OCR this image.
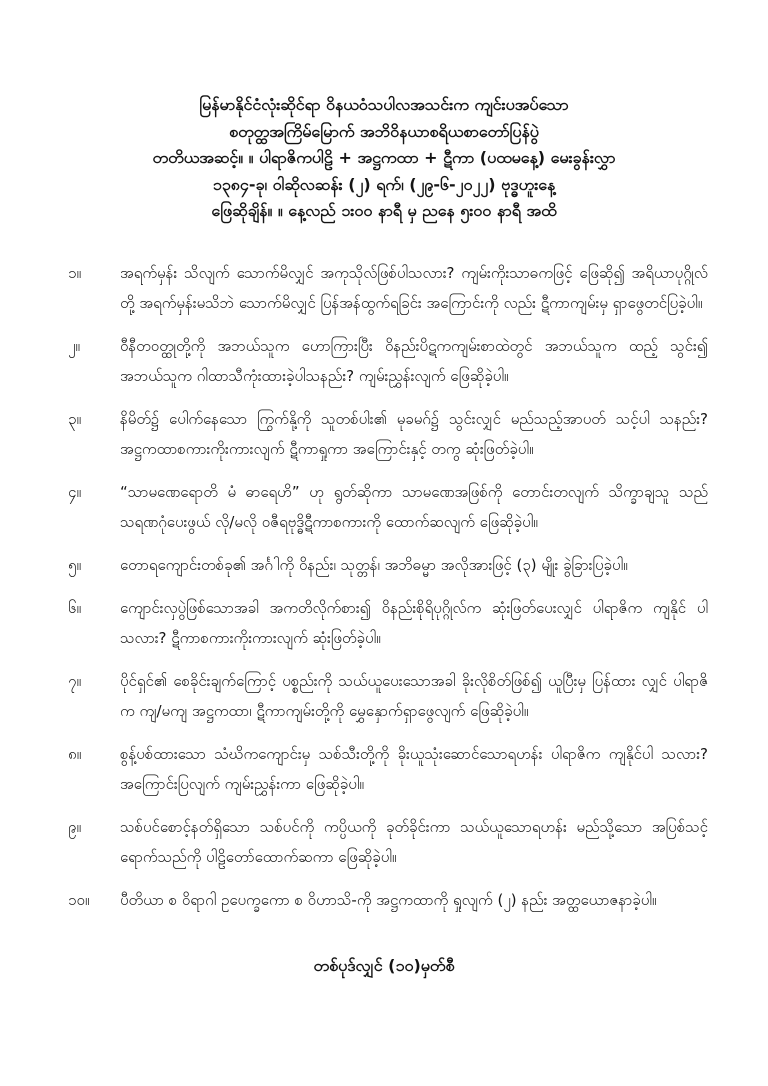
မြန်မာနိုင်ငံလုံးဆိုင်ရာ ဝိနယဝံသပါလအသင်းက ကျင်းပအပ်သော
စတုတ္ထအကြိမ်မြောက် အဘိဝိနယာစရိယစာတော်ပြန်ပွဲ
တတိယအဆင့်။ ။ ပါရာဇိကပါဠိ + အဋ္ဌကထာ + ဋီကာ (ပထမနေ့) မေးခွန်းလွှာ
၁၃၈၄-ခု၊ ဝါဆိုလဆန်း (၂) ရက်၊ (၂၉-၆-၂၀၂၂) ဗုဒ္ဓဟူးနေ့
ဖြေဆိုချိန်။ ။ နေ့လည် ၁း၀၀ နာရီ မှ ညနေ ၅း၀၀ နာရီ အထိ
၁။	အရက်မှန်း သိလျက် သောက်မိလျှင် အကုသိုလ်ဖြစ်ပါသလား? ကျမ်းကိုးသာဓကဖြင့် ဖြေဆို၍ အရိယာပုဂ္ဂိုလ်တို့ အရက်မှန်းမသိဘဲ သောက်မိလျှင် ပြန်အန်ထွက်ရခြင်း အကြောင်းကို လည်း ဋီကာကျမ်းမှ ရှာဖွေတင်ပြခဲ့ပါ။
၂။	ဝီနီတဝတ္ထုတို့ကို အဘယ်သူက ဟောကြားပြီး ဝိနည်းပိဋကကျမ်းစာထဲတွင် အဘယ်သူက ထည့် သွင်း၍ အဘယ်သူက ဂါထာသီကုံးထားခဲ့ပါသနည်း? ကျမ်းညွှန်းလျက် ဖြေဆိုခဲ့ပါ။
၃။	နိမိတ်၌ ပေါက်နေသော ကြွက်နို့ကို သူတစ်ပါး၏ မုခမဂ်၌ သွင်းလျှင် မည်သည့်အာပတ် သင့်ပါ သနည်း? အဋ္ဌကထာစကားကိုးကားလျက် ဋီကာရှုကာ အကြောင်းနှင့် တကွ ဆုံးဖြတ်ခဲ့ပါ။
၄။	“သာမဏေရောတိ မံ ဓာရေဟိ” ဟု ရွတ်ဆိုကာ သာမဏေအဖြစ်ကို တောင်းတလျက် သိက္ခာချသူ သည် သရဏဂုံပေးဖွယ် လို/မလို ဝဇီရဗုဒ္ဓိဋီကာစကားကို ထောက်ဆလျက် ဖြေဆိုခဲ့ပါ။
၅။	တောရကျောင်းတစ်ခု၏ အင်္ဂါကို ဝိနည်း၊ သုတ္တန်၊ အဘိဓမ္မာ အလိုအားဖြင့် (၃) မျိုး ခွဲခြားပြခဲ့ပါ။
၆။	ကျောင်းလှပွဲဖြစ်သောအခါ အကတိလိုက်စား၍ ဝိနည်းစိုရိပုဂ္ဂိုလ်က ဆုံးဖြတ်ပေးလျှင် ပါရာဇိက ကျနိုင် ပါသလား? ဋီကာစကားကိုးကားလျက် ဆုံးဖြတ်ခဲ့ပါ။
၇။	ပိုင်ရှင်၏ စေခိုင်းချက်ကြောင့် ပစ္စည်းကို သယ်ယူပေးသောအခါ ခိုးလိုစိတ်ဖြစ်၍ ယူပြီးမှ ပြန်ထား လျှင် ပါရာဇိက ကျ/မကျ အဋ္ဌကထာ၊ ဋီကာကျမ်းတို့ကို မွှေနှောက်ရှာဖွေလျက် ဖြေဆိုခဲ့ပါ။
၈။	စွန့်ပစ်ထားသော သံဃိကကျောင်းမှ သစ်သီးတို့ကို ခိုးယူသုံးဆောင်သောရဟန်း ပါရာဇိက ကျနိုင်ပါ သလား? အကြောင်းပြလျက် ကျမ်းညွှန်းကာ ဖြေဆိုခဲ့ပါ။
၉။	သစ်ပင်စောင့်နတ်ရှိသော သစ်ပင်ကို ကပ္ပိယကို ခုတ်ခိုင်းကာ သယ်ယူသောရဟန်း မည်သို့သော အပြစ်သင့်ရောက်သည်ကို ပါဠိတော်ထောက်ဆကာ ဖြေဆိုခဲ့ပါ။
၁၀။	ပီတိယာ စ ဝိရာဂါ ဥပေက္ခကော စ ဝိဟာသိ-ကို အဋ္ဌကထာကို ရှုလျက် (၂) နည်း အတ္ထယောဇနာခဲ့ပါ။
တစ်ပုဒ်လျှင် (၁၀)မှတ်စီ
